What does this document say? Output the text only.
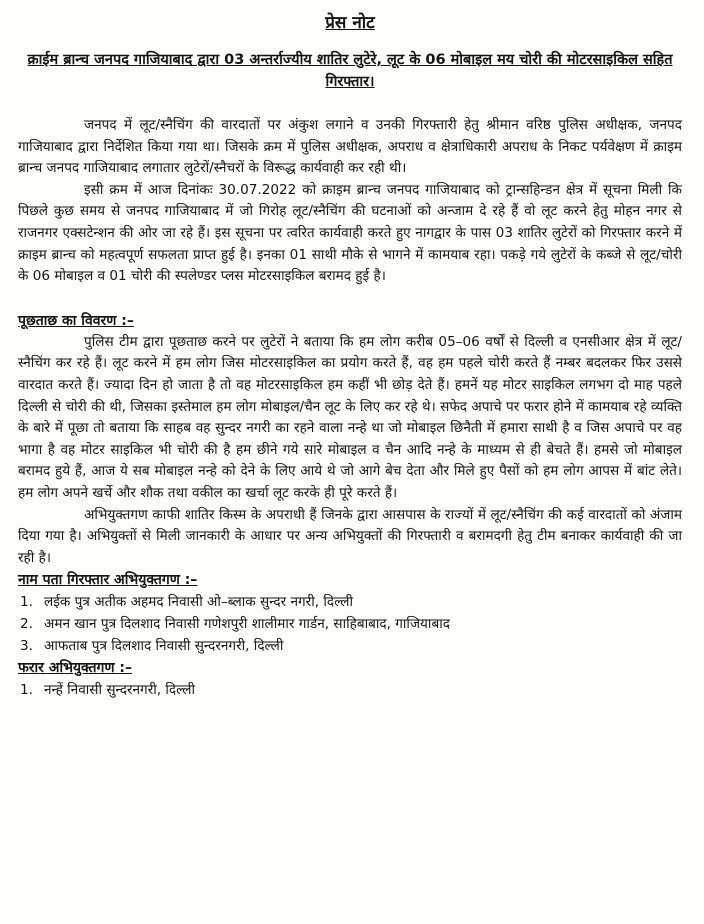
प्रेस नोट
क्राईम ब्रान्च जनपद गाजियाबाद द्वारा 03 अन्तर्राज्यीय शातिर लुटेरे, लूट के 06 मोबाइल मय चोरी की मोटरसाइकिल सहित गिरफ्तार।

जनपद में लूट/स्नैचिंग की वारदातों पर अंकुश लगाने व उनकी गिरफ्तारी हेतु श्रीमान वरिष्ठ पुलिस अधीक्षक, जनपद गाजियाबाद द्वारा निर्देशित किया गया था। जिसके क्रम में पुलिस अधीक्षक, अपराध व क्षेत्राधिकारी अपराध के निकट पर्यवेक्षण में क्राइम ब्रान्च जनपद गाजियाबाद लगातार लुटेरों/स्नैचरों के विरूद्ध कार्यवाही कर रही थी।

इसी क्रम में आज दिनांकः 30.07.2022 को क्राइम ब्रान्च जनपद गाजियाबाद को ट्रान्सहिन्डन क्षेत्र में सूचना मिली कि पिछले कुछ समय से जनपद गाजियाबाद में जो गिरोह लूट/स्नैचिंग की घटनाओं को अन्जाम दे रहे हैं वो लूट करने हेतु मोहन नगर से राजनगर एक्सटेन्शन की ओर जा रहे हैं। इस सूचना पर त्वरित कार्यवाही करते हुए नागद्वार के पास 03 शातिर लुटेरों को गिरफ्तार करने में क्राइम ब्रान्च को महत्वपूर्ण सफलता प्राप्त हुई है। इनका 01 साथी मौके से भागने में कामयाब रहा। पकड़े गये लुटेरों के कब्जे से लूट/चोरी के 06 मोबाइल व 01 चोरी की स्पलेण्डर प्लस मोटरसाइकिल बरामद हुई है।

पूछताछ का विवरण :–

पुलिस टीम द्वारा पूछताछ करने पर लुटेरों ने बताया कि हम लोग करीब 05–06 वर्षों से दिल्ली व एनसीआर क्षेत्र में लूट/स्नैचिंग कर रहे हैं। लूट करने में हम लोग जिस मोटरसाइकिल का प्रयोग करते हैं, वह हम पहले चोरी करते हैं नम्बर बदलकर फिर उससे वारदात करते हैं। ज्यादा दिन हो जाता है तो वह मोटरसाइकिल हम कहीं भी छोड़ देते हैं। हमनें यह मोटर साइकिल लगभग दो माह पहले दिल्ली से चोरी की थी, जिसका इस्तेमाल हम लोग मोबाइल/चैन लूट के लिए कर रहे थे। सफेद अपाचे पर फरार होने में कामयाब रहे व्यक्ति के बारे में पूछा तो बताया कि साहब वह सुन्दर नगरी का रहने वाला नन्हे था जो मोबाइल छिनैती में हमारा साथी है व जिस अपाचे पर वह भागा है वह मोटर साइकिल भी चोरी की है हम छीने गये सारे मोबाइल व चैन आदि नन्हे के माध्यम से ही बेचते हैं। हमसे जो मोबाइल बरामद हुये हैं, आज ये सब मोबाइल नन्हे को देने के लिए आये थे जो आगे बेच देता और मिले हुए पैसों को हम लोग आपस में बांट लेते। हम लोग अपने खर्चे और शौक तथा वकील का खर्चा लूट करके ही पूरे करते हैं।

अभियुक्तगण काफी शातिर किस्म के अपराधी हैं जिनके द्वारा आसपास के राज्यों में लूट/स्नैचिंग की कई वारदातों को अंजाम दिया गया है। अभियुक्तों से मिली जानकारी के आधार पर अन्य अभियुक्तों की गिरफ्तारी व बरामदगी हेतु टीम बनाकर कार्यवाही की जा रही है।

नाम पता गिरफ्तार अभियुक्तगण :–
1. लईक पुत्र अतीक अहमद निवासी ओ–ब्लाक सुन्दर नगरी, दिल्ली
2. अमन खान पुत्र दिलशाद निवासी गणेशपुरी शालीमार गार्डन, साहिबाबाद, गाजियाबाद
3. आफताब पुत्र दिलशाद निवासी सुन्दरनगरी, दिल्ली
फरार अभियुक्तगण :–
1. नन्हें निवासी सुन्दरनगरी, दिल्ली
